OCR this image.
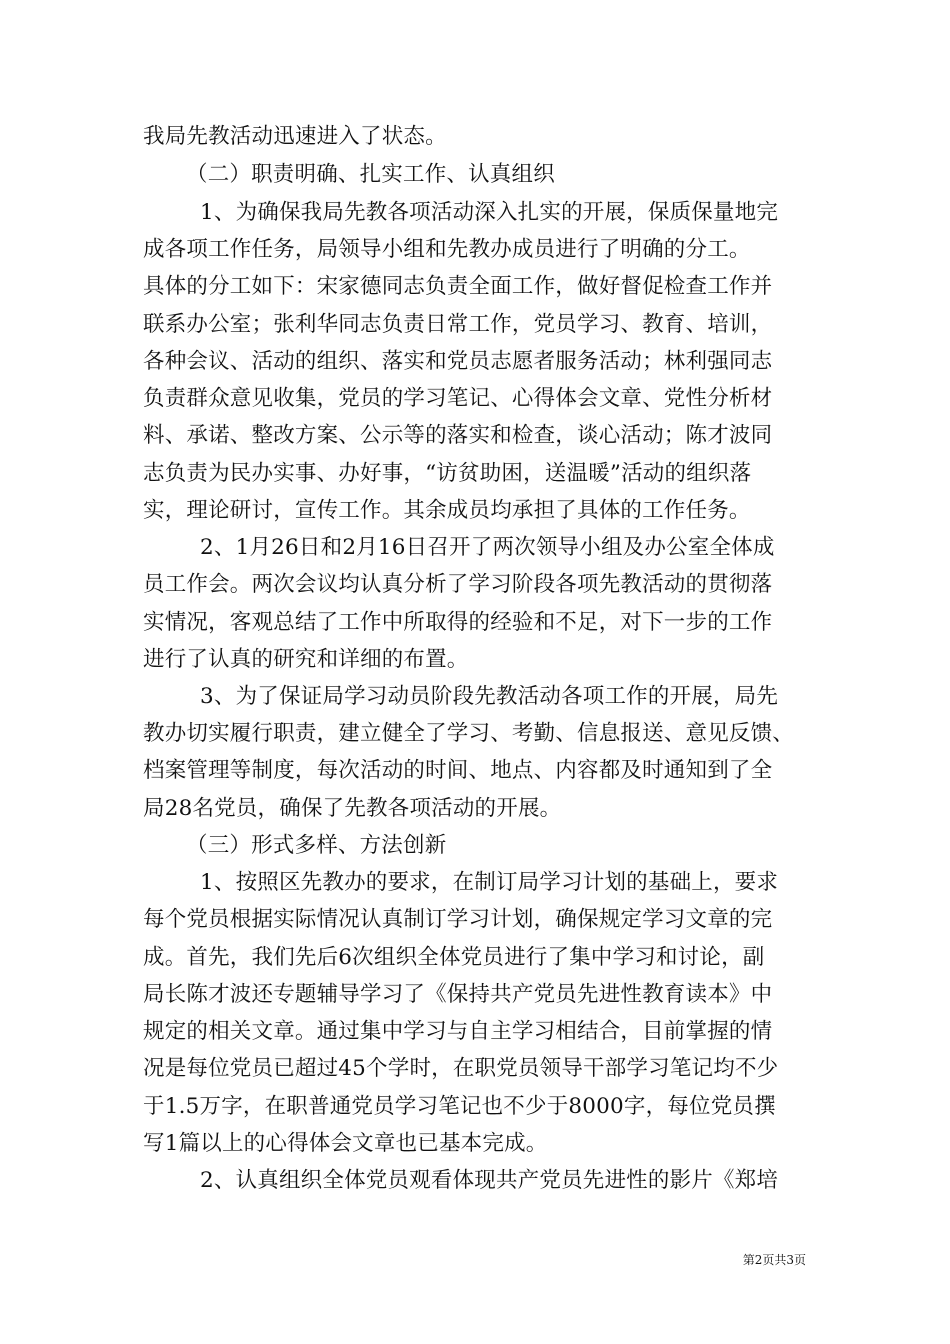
我局先教活动迅速进入了状态。
（二）职责明确、扎实工作、认真组织
1、为确保我局先教各项活动深入扎实的开展，保质保量地完
成各项工作任务，局领导小组和先教办成员进行了明确的分工。
具体的分工如下：宋家德同志负责全面工作，做好督促检查工作并
联系办公室；张利华同志负责日常工作，党员学习、教育、培训，
各种会议、活动的组织、落实和党员志愿者服务活动；林利强同志
负责群众意见收集，党员的学习笔记、心得体会文章、党性分析材
料、承诺、整改方案、公示等的落实和检查，谈心活动；陈才波同
志负责为民办实事、办好事，“访贫助困，送温暖”活动的组织落
实，理论研讨，宣传工作。其余成员均承担了具体的工作任务。
2、1月26日和2月16日召开了两次领导小组及办公室全体成
员工作会。两次会议均认真分析了学习阶段各项先教活动的贯彻落
实情况，客观总结了工作中所取得的经验和不足，对下一步的工作
进行了认真的研究和详细的布置。
3、为了保证局学习动员阶段先教活动各项工作的开展，局先
教办切实履行职责，建立健全了学习、考勤、信息报送、意见反馈、
档案管理等制度，每次活动的时间、地点、内容都及时通知到了全
局28名党员，确保了先教各项活动的开展。
（三）形式多样、方法创新
1、按照区先教办的要求，在制订局学习计划的基础上，要求
每个党员根据实际情况认真制订学习计划，确保规定学习文章的完
成。首先，我们先后6次组织全体党员进行了集中学习和讨论，副
局长陈才波还专题辅导学习了《保持共产党员先进性教育读本》中
规定的相关文章。通过集中学习与自主学习相结合，目前掌握的情
况是每位党员已超过45个学时，在职党员领导干部学习笔记均不少
于1.5万字，在职普通党员学习笔记也不少于8000字，每位党员撰
写1篇以上的心得体会文章也已基本完成。
2、认真组织全体党员观看体现共产党员先进性的影片《郑培
第2页共3页
